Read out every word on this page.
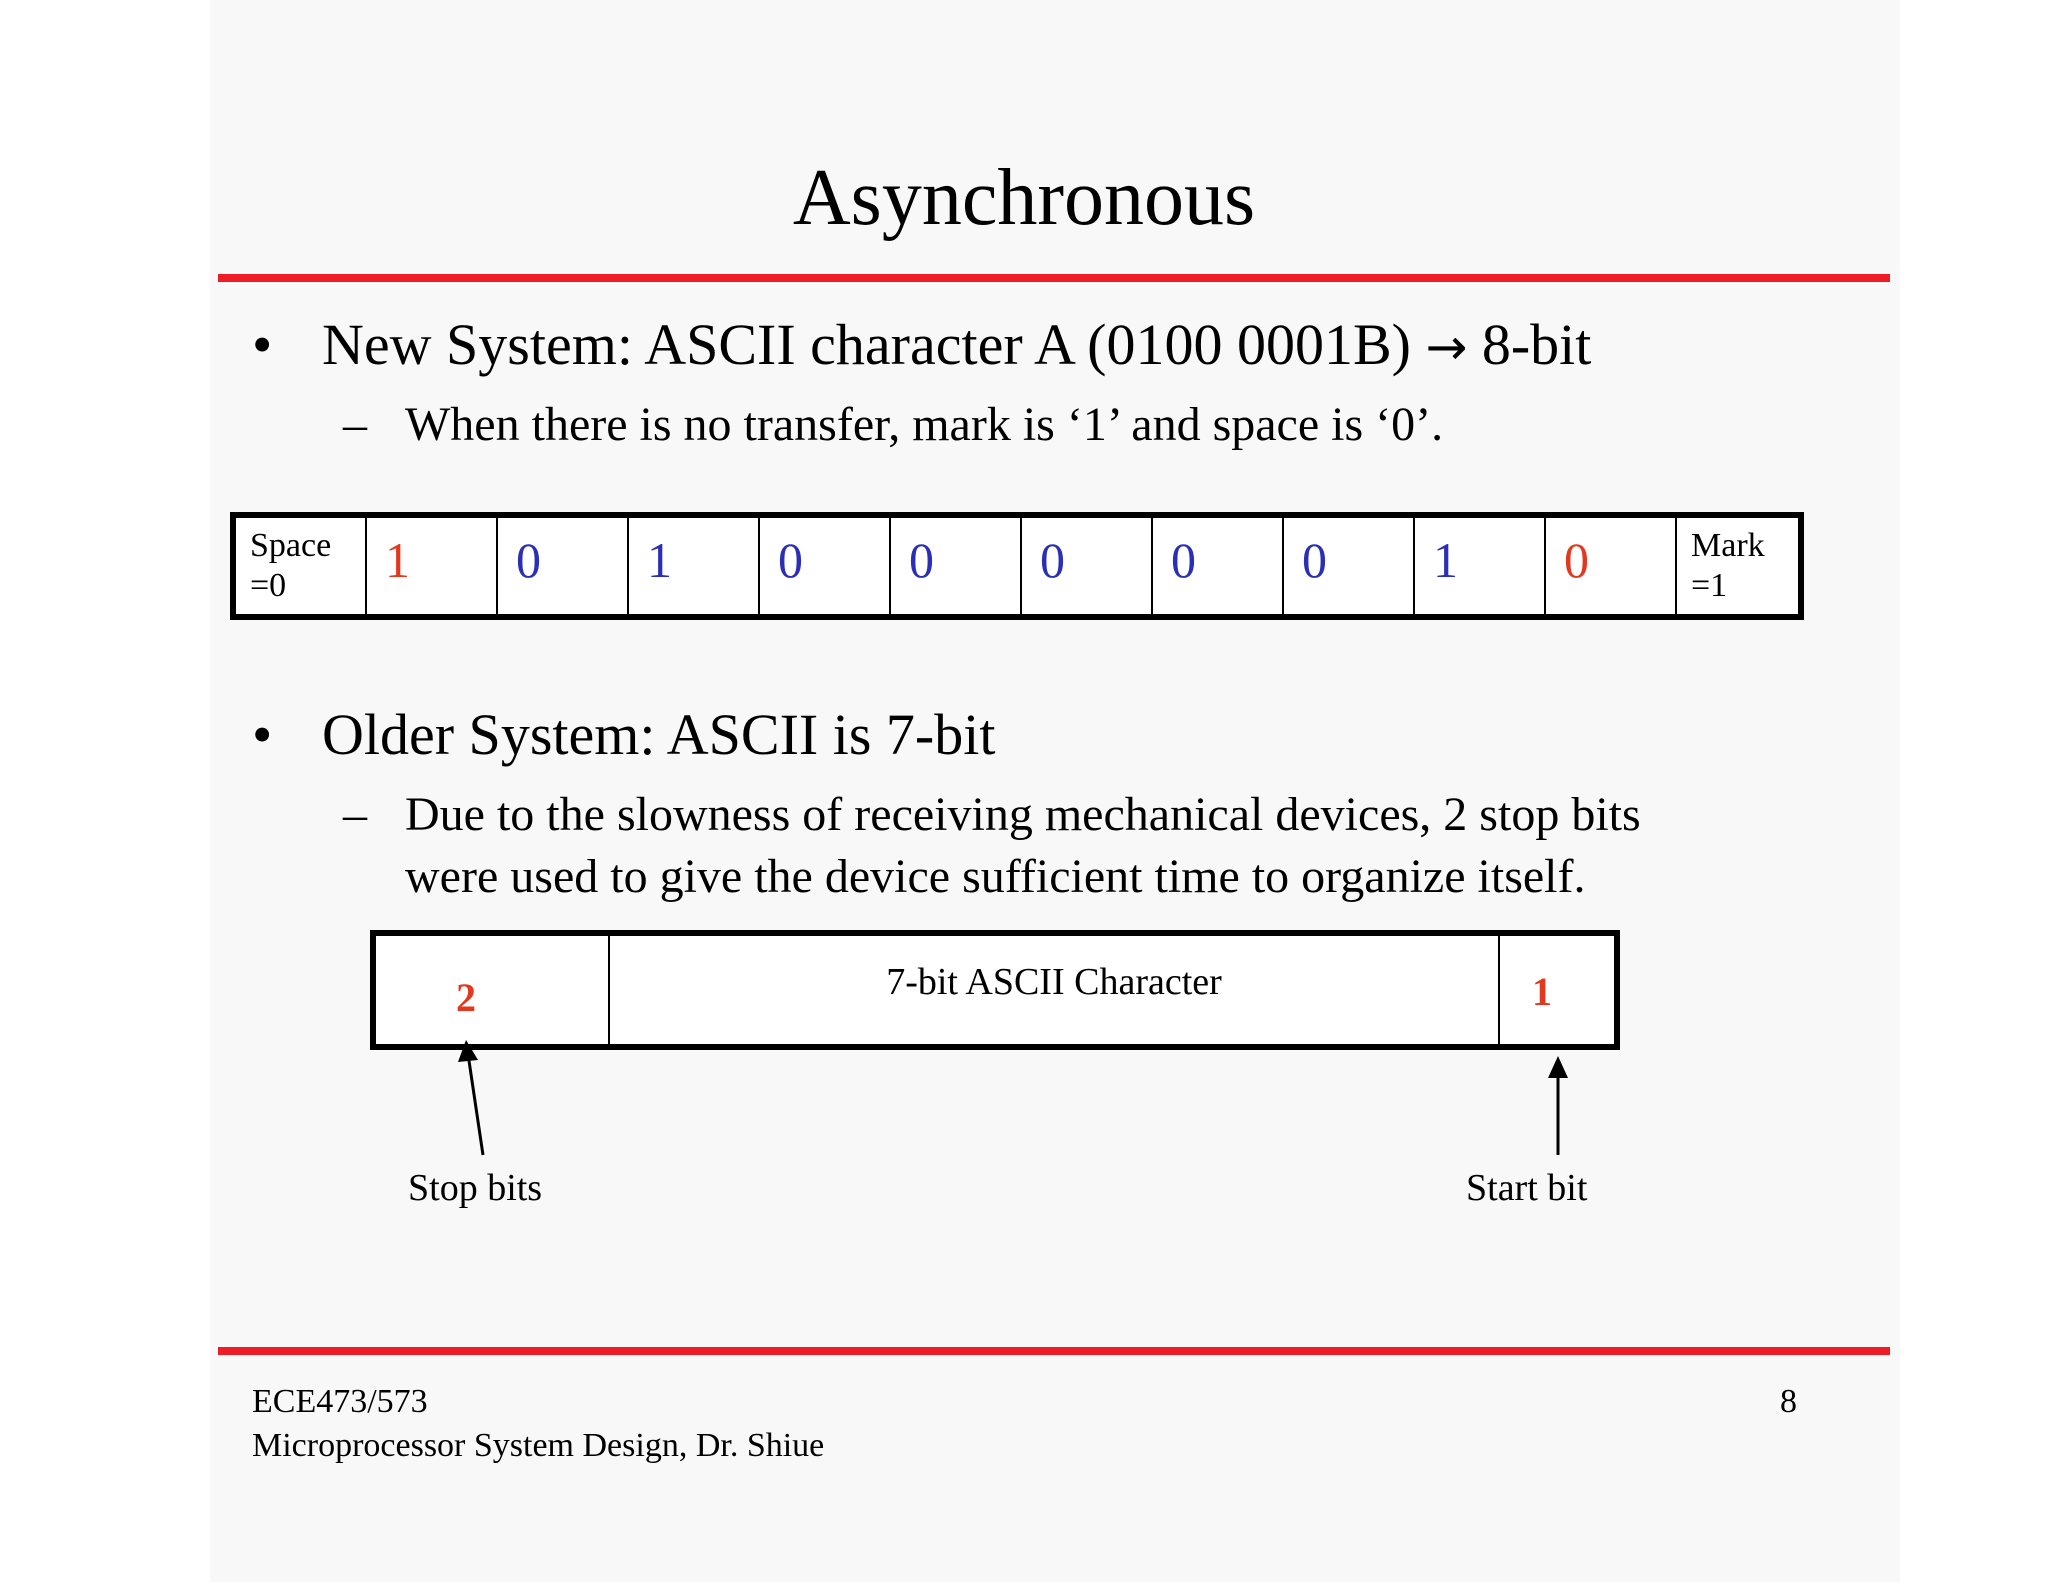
Asynchronous
• New System: ASCII character A (0100 0001B) → 8-bit
– When there is no transfer, mark is ‘1’ and space is ‘0’.
Space
=0	1 0 1 0 0 0 0 0 1 0	Mark
=1
• Older System: ASCII is 7-bit
– Due to the slowness of receiving mechanical devices, 2 stop bits
were used to give the device sufficient time to organize itself.
2	7-bit ASCII Character	1
Stop bits	Start bit
ECE473/573
Microprocessor System Design, Dr. Shiue
8
